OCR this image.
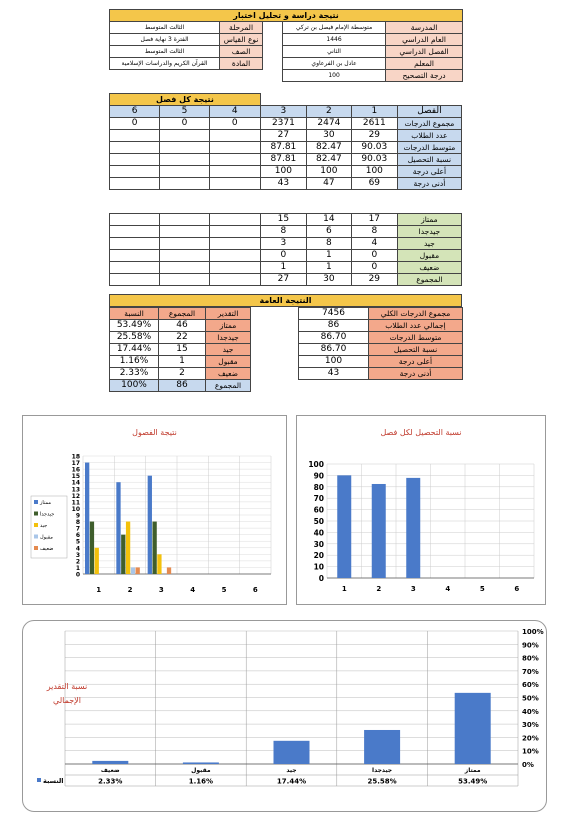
نتيجة دراسة و تحليل اختبار				
المدرسة	متوسطة الإمام فيصل بن تركي		المرحلة	الثالث المتوسط
العام الدراسي	1446		نوع القياس	الفترة 3 نهاية فصل
الفصل الدراسي	الثاني		الصف	الثالث المتوسط
المعلم	عادل بن الفرعاوي		المادة	القرآن الكريم والدراسات الإسلامية
درجة التصحيح	100			
				نتيجة كل فصل		
الفصل	1	2	3	4	5	6
مجموع الدرجات	2611	2474	2371	0	0	0
عدد الطلاب	29	30	27			
متوسط الدرجات	90.03	82.47	87.81			
نسبة التحصيل	90.03	82.47	87.81			
أعلى درجة	100	100	100			
أدنى درجة	69	47	43			
ممتاز	17	14	15			
جيدجدا	8	6	8			
جيد	4	8	3			
مقبول	0	1	0			
ضعيف	0	1	1			
المجموع	29	30	27			
النتيجة العامة
مجموع الدرجات الكلي	7456
إجمالي عدد الطلاب	86
متوسط الدرجات	86.70
نسبة التحصيل	86.70
أعلى درجة	100
أدنى درجة	43
التقدير	المجموع	النسبة
ممتاز	46	53.49%
جيدجدا	22	25.58%
جيد	15	17.44%
مقبول	1	1.16%
ضعيف	2	2.33%
المجموع	86	100%
نتيجة الفصول
0
1
2
3
4
5
6
7
8
9
10
11
12
13
14
15
16
17
18
1	2	3	4	5	6
ممتاز
جيدجدا
جيد
مقبول
ضعيف
نسبة التحصيل لكل فصل
0
10
20
30
40
50
60
70
80
90
100
1	2	3	4	5	6
0%
10%
20%
30%
40%
50%
60%
70%
80%
90%
100%
ضعيف
2.33%
مقبول
1.16%
جيد
17.44%
جيدجدا
25.58%
ممتاز
53.49%
النسبة
نسبة التقدير
الإجمالي
